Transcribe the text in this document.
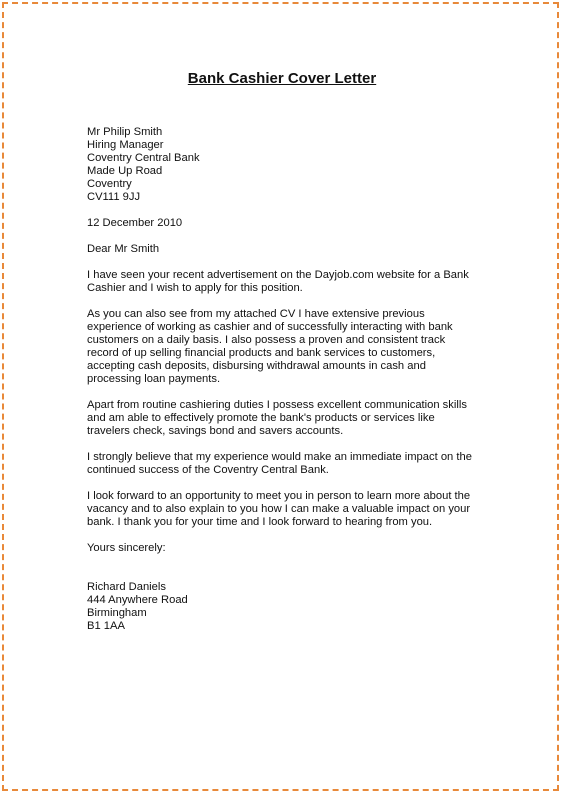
Bank Cashier Cover Letter
Mr Philip Smith
Hiring Manager
Coventry Central Bank
Made Up Road
Coventry
CV111 9JJ
12 December 2010
Dear Mr Smith
I have seen your recent advertisement on the Dayjob.com website for a Bank
Cashier and I wish to apply for this position.
As you can also see from my attached CV I have extensive previous
experience of working as cashier and of successfully interacting with bank
customers on a daily basis. I also possess a proven and consistent track
record of up selling financial products and bank services to customers,
accepting cash deposits, disbursing withdrawal amounts in cash and
processing loan payments.
Apart from routine cashiering duties I possess excellent communication skills
and am able to effectively promote the bank's products or services like
travelers check, savings bond and savers accounts.
I strongly believe that my experience would make an immediate impact on the
continued success of the Coventry Central Bank.
I look forward to an opportunity to meet you in person to learn more about the
vacancy and to also explain to you how I can make a valuable impact on your
bank. I thank you for your time and I look forward to hearing from you.
Yours sincerely:
Richard Daniels
444 Anywhere Road
Birmingham
B1 1AA
